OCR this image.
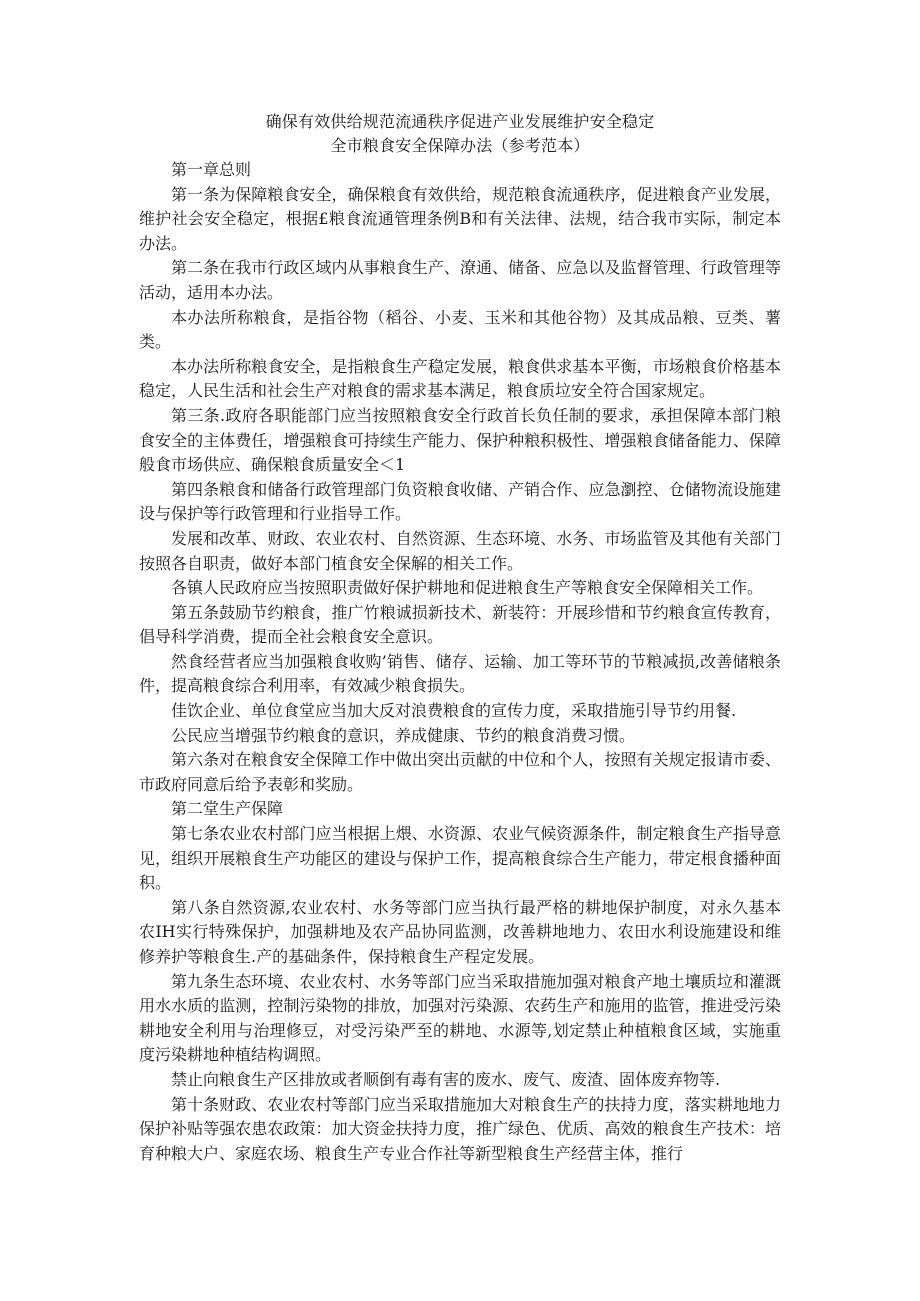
确保有效供给规范流通秩序促进产业发展维护安全稳定
全市粮食安全保障办法（参考范本）

第一章总则

第一条为保障粮食安全，确保粮食有效供给，规范粮食流通秩序，促进粮食产业发展，维护社会安全稳定，根据£粮食流通管理条例B和有关法律、法规，结合我市实际，制定本办法。

第二条在我市行政区域内从事粮食生产、潦通、储备、应急以及监督管理、行政管理等活动，适用本办法。

本办法所称粮食，是指谷物（稻谷、小麦、玉米和其他谷物）及其成品粮、豆类、薯类。

本办法所称粮食安全，是指粮食生产稳定发展，粮食供求基本平衡，市场粮食价格基本稳定，人民生活和社会生产对粮食的需求基本满足，粮食质垃安全符合国家规定。

第三条.政府各职能部门应当按照粮食安全行政首长负任制的要求，承担保障本部门粮食安全的主体费任，增强粮食可持续生产能力、保护种粮积极性、增强粮食储备能力、保障般食市场供应、确保粮食质量安全＜1

第四条粮食和储备行政管理部门负资粮食收储、产销合作、应急瀏控、仓储物流设施建设与保护等行政管理和行业指导工作。

发展和改革、财政、农业农村、自然资源、生态环境、水务、市场监管及其他有关部门按照各自职责，做好本部门植食安全保解的相关工作。

各镇人民政府应当按照职责做好保护耕地和促进粮食生产等粮食安全保障相关工作。

第五条鼓励节约粮食，推广竹粮诚损新技术、新装符：开展珍惜和节约粮食宣传教育，倡导科学消费，提而全社会粮食安全意识。

然食经营者应当加强粮食收购’销售、储存、运输、加工等环节的节粮减损,改善储粮条件，提高粮食综合利用率，有效减少粮食损失。

佳饮企业、单位食堂应当加大反对浪费粮食的宣传力度，采取措施引导节约用餐.

公民应当增强节约粮食的意识，养成健康、节约的粮食消费习惯。

第六条对在粮食安全保障工作中做出突出贡献的中位和个人，按照有关规定报请市委、市政府同意后给予表彰和奖励。

第二堂生产保障

第七条农业农村部门应当根据上煨、水资源、农业气候资源条件，制定粮食生产指导意见，组织开展粮食生产功能区的建设与保护工作，提高粮食综合生产能力，带定根食播种面积。

第八条自然资源,农业农村、水务等部门应当执行最严格的耕地保护制度，对永久基本农IH实行特殊保护，加强耕地及农产品协同监测，改善耕地地力、农田水利设施建设和维修养护等粮食生.产的基础条件，保持粮食生产程定发展。

第九条生态环境、农业农村、水务等部门应当采取措施加强对粮食产地土壤质垃和灌溉用水水质的监测，控制污染物的排放，加强对污染源、农药生产和施用的监管，推进受污染耕地安全利用与治理修豆，对受污染严至的耕地、水源等,划定禁止种植粮食区域，实施重度污染耕地种植结构调照。

禁止向粮食生产区排放或者顺倒有毒有害的废水、废气、废渣、固体废弃物等.

第十条财政、农业农村等部门应当采取措施加大对粮食生产的扶持力度，落实耕地地力保护补贴等强农患农政策：加大资金扶持力度，推广绿色、优质、高效的粮食生产技术：培育种粮大户、家庭农场、粮食生产专业合作社等新型粮食生产经营主体，推行
